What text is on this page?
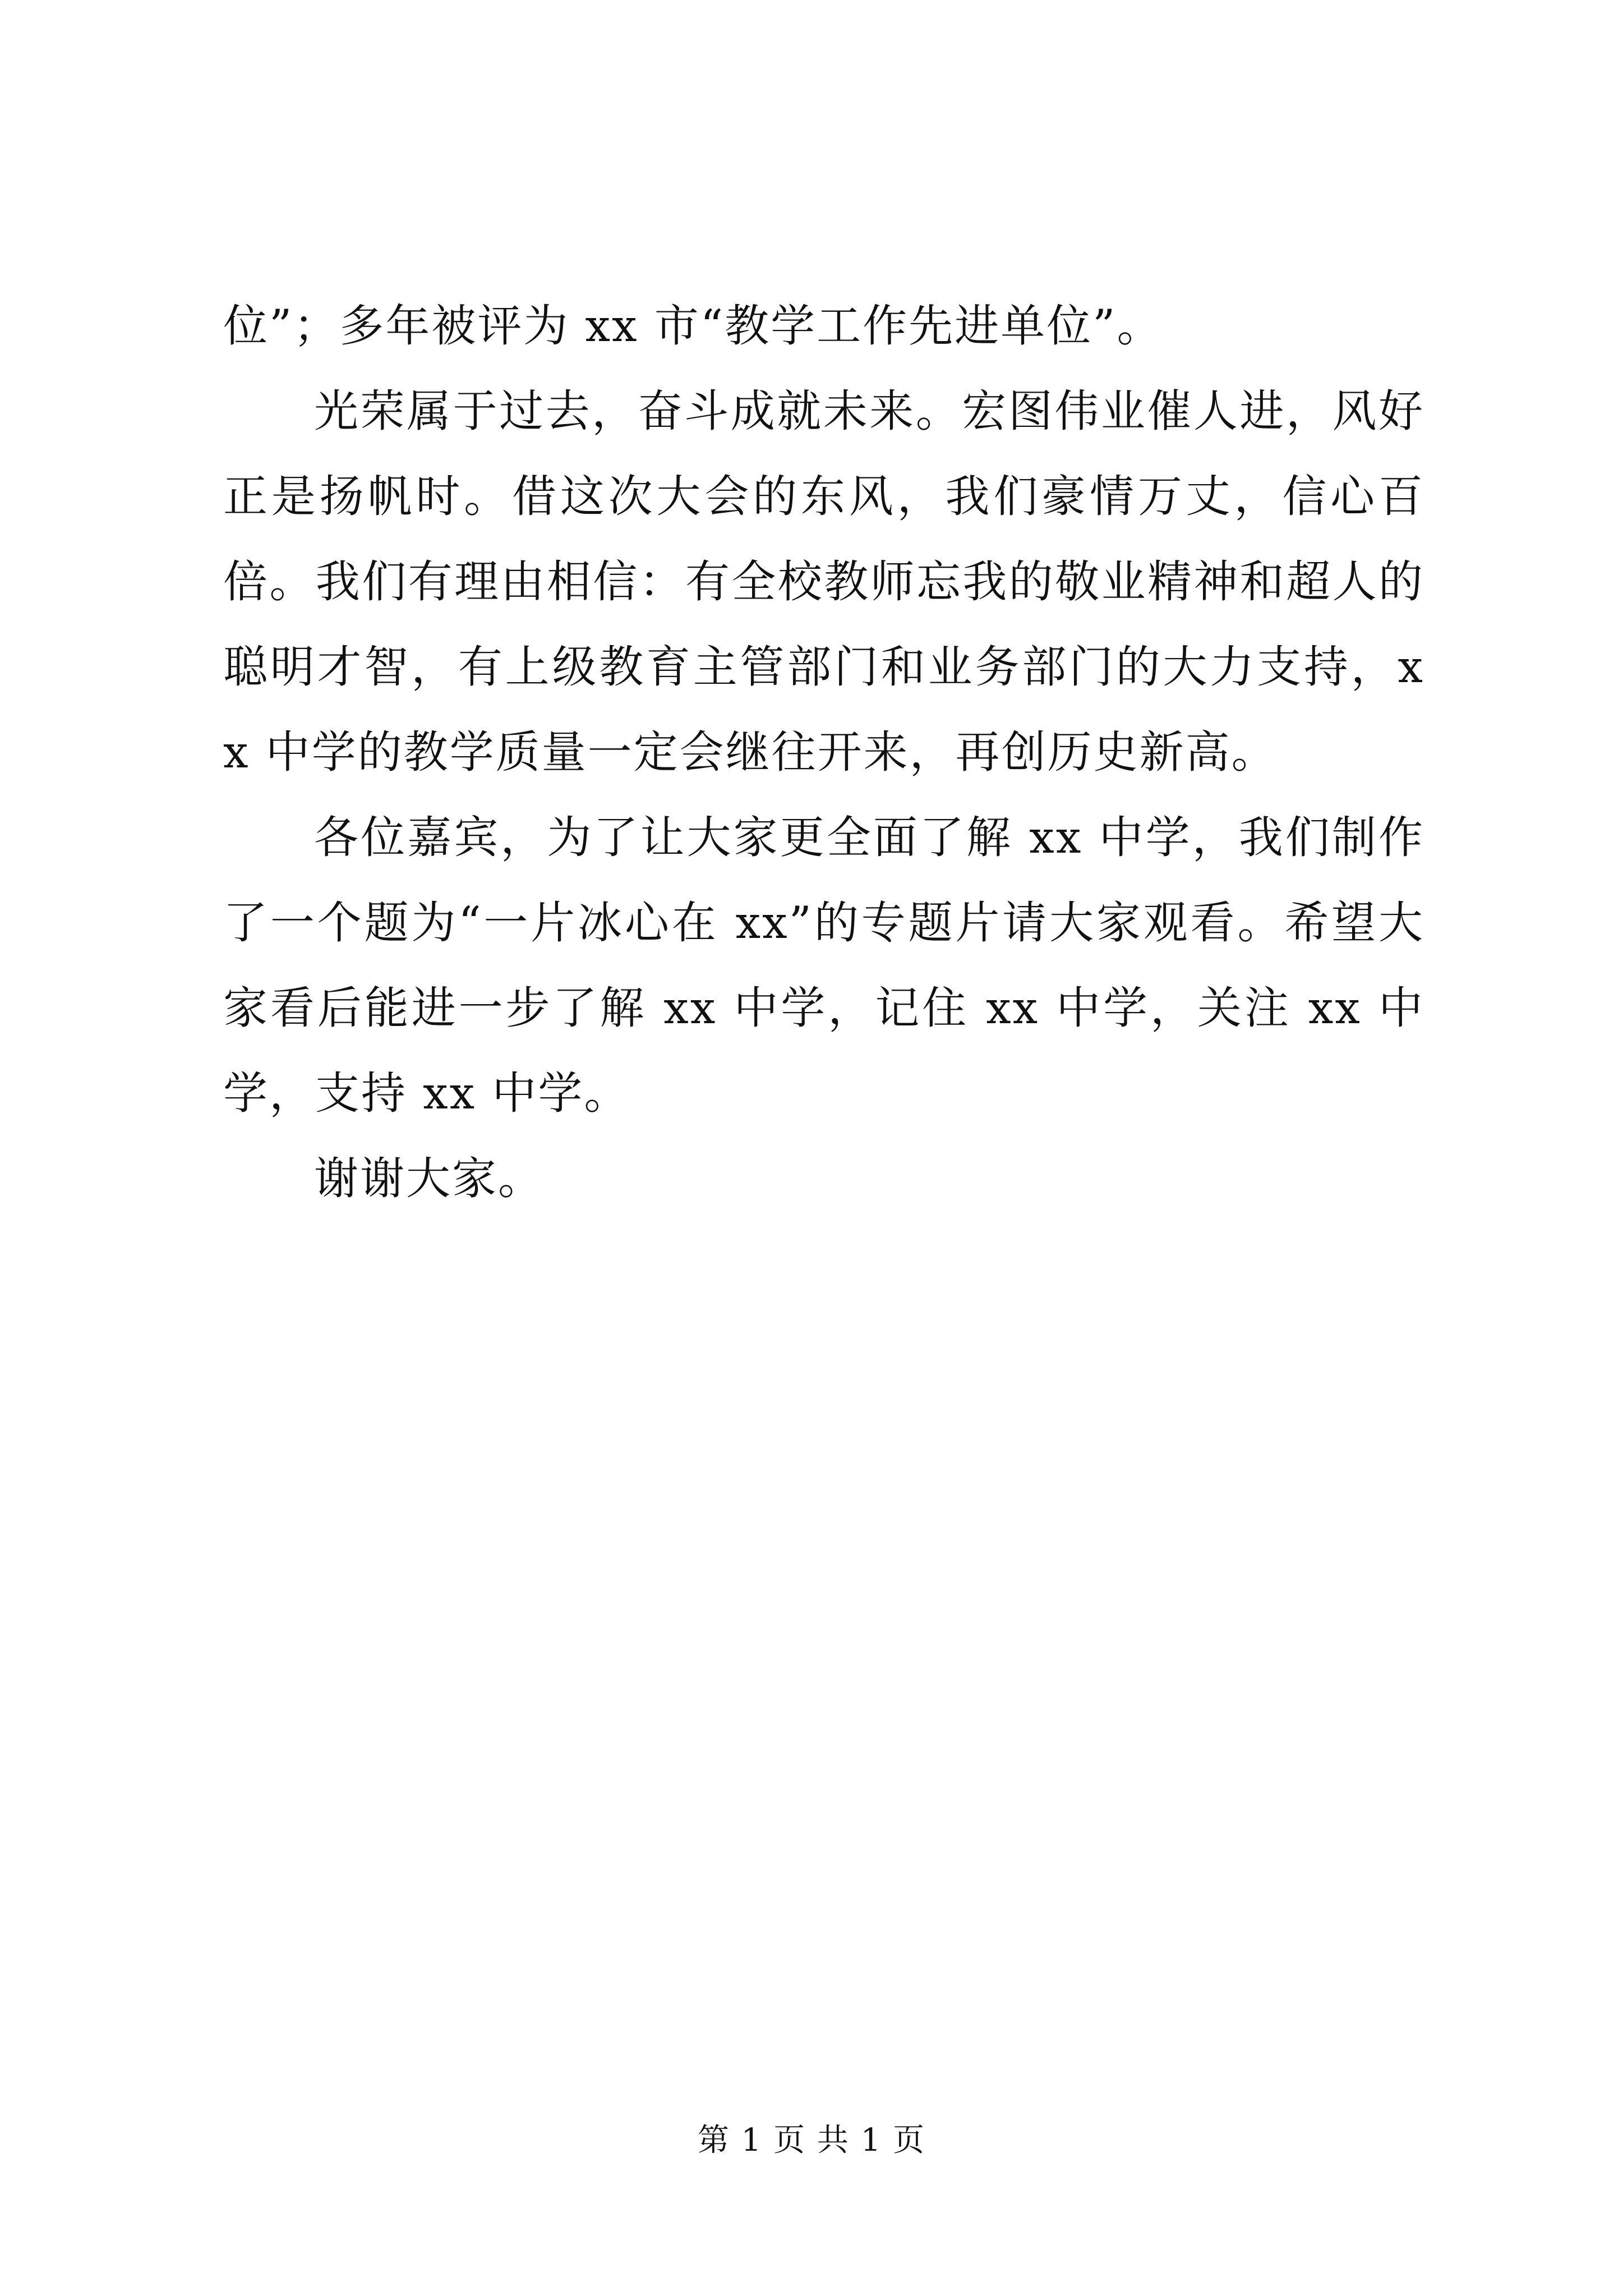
位”；多年被评为 xx 市“教学工作先进单位”。

光荣属于过去，奋斗成就未来。宏图伟业催人进，风好正是扬帆时。借这次大会的东风，我们豪情万丈，信心百倍。我们有理由相信：有全校教师忘我的敬业精神和超人的聪明才智，有上级教育主管部门和业务部门的大力支持，xx 中学的教学质量一定会继往开来，再创历史新高。

各位嘉宾，为了让大家更全面了解 xx 中学，我们制作了一个题为“一片冰心在 xx”的专题片请大家观看。希望大家看后能进一步了解 xx 中学，记住 xx 中学，关注 xx 中学，支持 xx 中学。

谢谢大家。

第 1 页 共 1 页
